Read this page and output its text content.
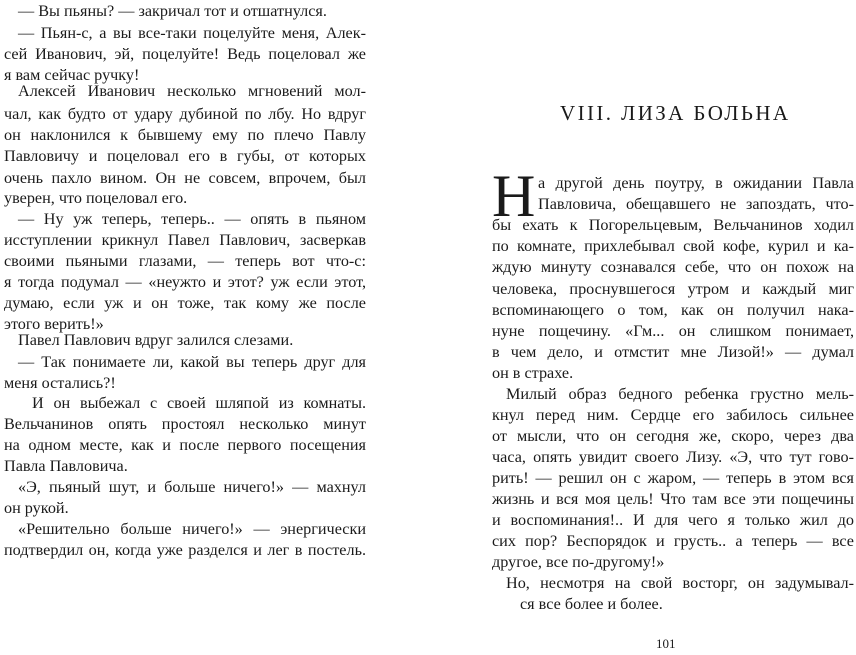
— Вы пьяны? — закричал тот и отшатнулся.
— Пьян-с, а вы все-таки поцелуйте меня, Алек-
сей Иванович, эй, поцелуйте! Ведь поцеловал же
я вам сейчас ручку!
Алексей Иванович несколько мгновений мол-
чал, как будто от удару дубиной по лбу. Но вдруг
он наклонился к бывшему ему по плечо Павлу
Павловичу и поцеловал его в губы, от которых
очень пахло вином. Он не совсем, впрочем, был
уверен, что поцеловал его.
— Ну уж теперь, теперь.. — опять в пьяном
исступлении крикнул Павел Павлович, засверкав
своими пьяными глазами, — теперь вот что-с:
я тогда подумал — «неужто и этот? уж если этот,
думаю, если уж и он тоже, так кому же после
этого верить!»
Павел Павлович вдруг залился слезами.
— Так понимаете ли, какой вы теперь друг для
меня остались?!
И он выбежал с своей шляпой из комнаты.
Вельчанинов опять простоял несколько минут
на одном месте, как и после первого посещения
Павла Павловича.
«Э, пьяный шут, и больше ничего!» — махнул
он рукой.
«Решительно больше ничего!» — энергически
подтвердил он, когда уже разделся и лег в постель.
VIII. ЛИЗА БОЛЬНА
Н а другой день поутру, в ожидании Павла
Павловича, обещавшего не запоздать, что-
бы ехать к Погорельцевым, Вельчанинов ходил
по комнате, прихлебывал свой кофе, курил и ка-
ждую минуту сознавался себе, что он похож на
человека, проснувшегося утром и каждый миг
вспоминающего о том, как он получил нака-
нуне пощечину. «Гм... он слишком понимает,
в чем дело, и отмстит мне Лизой!» — думал
он в страхе.
Милый образ бедного ребенка грустно мель-
кнул перед ним. Сердце его забилось сильнее
от мысли, что он сегодня же, скоро, через два
часа, опять увидит своего Лизу. «Э, что тут гово-
рить! — решил он с жаром, — теперь в этом вся
жизнь и вся моя цель! Что там все эти пощечины
и воспоминания!.. И для чего я только жил до
сих пор? Беспорядок и грусть.. а теперь — все
другое, все по-другому!»
Но, несмотря на свой восторг, он задумывал-
ся все более и более.
101
